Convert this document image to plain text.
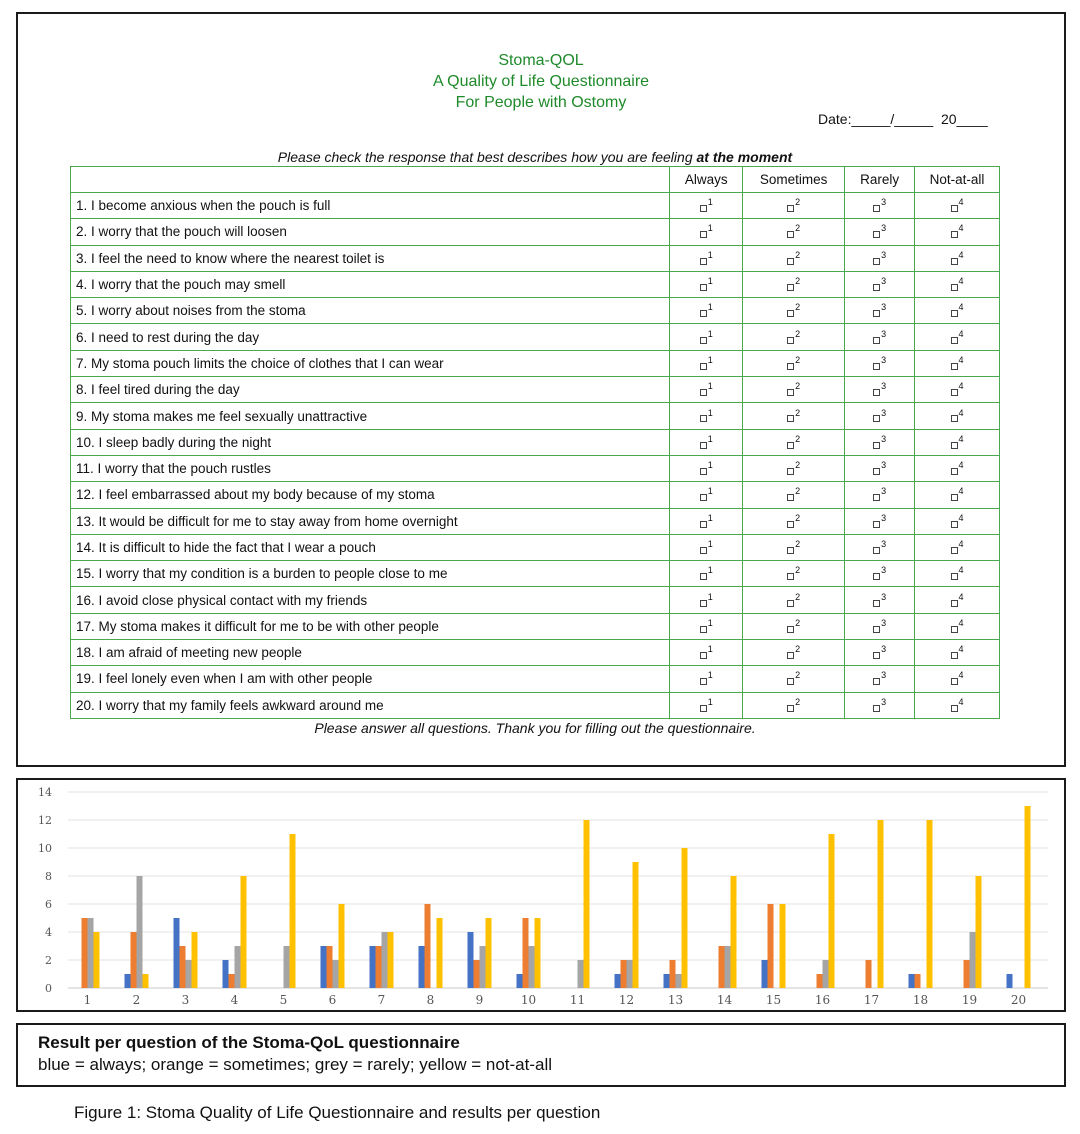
Stoma-QOL
A Quality of Life Questionnaire
For People with Ostomy
Date:_____/_____  20____
Please check the response that best describes how you are feeling at the moment
	Always	Sometimes	Rarely	Not-at-all
1. I become anxious when the pouch is full	$^1$	$^2$	$^3$	$^4$
2. I worry that the pouch will loosen	$^1$	$^2$	$^3$	$^4$
3. I feel the need to know where the nearest toilet is	$^1$	$^2$	$^3$	$^4$
4. I worry that the pouch may smell	$^1$	$^2$	$^3$	$^4$
5. I worry about noises from the stoma	$^1$	$^2$	$^3$	$^4$
6. I need to rest during the day	$^1$	$^2$	$^3$	$^4$
7. My stoma pouch limits the choice of clothes that I can wear	$^1$	$^2$	$^3$	$^4$
8. I feel tired during the day	$^1$	$^2$	$^3$	$^4$
9. My stoma makes me feel sexually unattractive	$^1$	$^2$	$^3$	$^4$
10. I sleep badly during the night	$^1$	$^2$	$^3$	$^4$
11. I worry that the pouch rustles	$^1$	$^2$	$^3$	$^4$
12. I feel embarrassed about my body because of my stoma	$^1$	$^2$	$^3$	$^4$
13. It would be difficult for me to stay away from home overnight	$^1$	$^2$	$^3$	$^4$
14. It is difficult to hide the fact that I wear a pouch	$^1$	$^2$	$^3$	$^4$
15. I worry that my condition is a burden to people close to me	$^1$	$^2$	$^3$	$^4$
16. I avoid close physical contact with my friends	$^1$	$^2$	$^3$	$^4$
17. My stoma makes it difficult for me to be with other people	$^1$	$^2$	$^3$	$^4$
18. I am afraid of meeting new people	$^1$	$^2$	$^3$	$^4$
19. I feel lonely even when I am with other people	$^1$	$^2$	$^3$	$^4$
20. I worry that my family feels awkward around me	$^1$	$^2$	$^3$	$^4$
Please answer all questions. Thank you for filling out the questionnaire.
0
2
4
6
8
10
12
14
1	2	3	4	5	6	7	8	9	10	11	12	13	14	15	16	17	18	19	20
Result per question of the Stoma-QoL questionnaire
blue = always; orange = sometimes; grey = rarely; yellow = not-at-all
Figure 1: Stoma Quality of Life Questionnaire and results per question
